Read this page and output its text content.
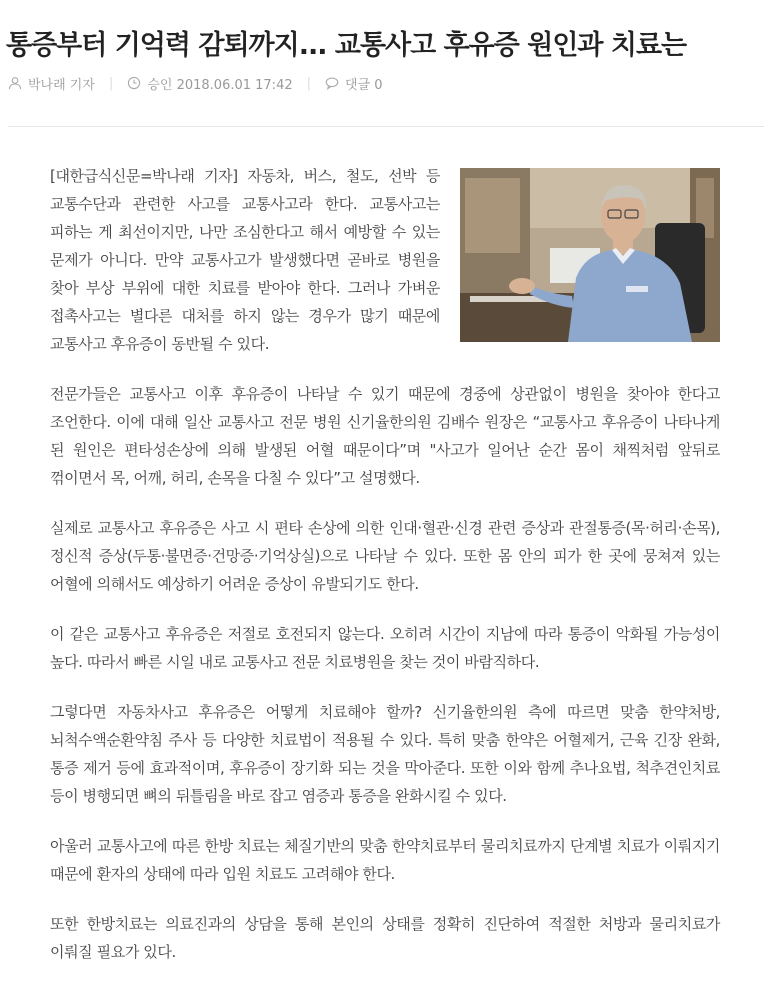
통증부터 기억력 감퇴까지... 교통사고 후유증 원인과 치료는
박나래 기자 |	승인 2018.06.01 17:42 |	댓글 0

[대한급식신문=박나래 기자] 자동차, 버스, 철도, 선박 등 교통수단과 관련한 사고를 교통사고라 한다. 교통사고는 피하는 게 최선이지만, 나만 조심한다고 해서 예방할 수 있는 문제가 아니다. 만약 교통사고가 발생했다면 곧바로 병원을 찾아 부상 부위에 대한 치료를 받아야 한다. 그러나 가벼운 접촉사고는 별다른 대처를 하지 않는 경우가 많기 때문에 교통사고 후유증이 동반될 수 있다.

전문가들은 교통사고 이후 후유증이 나타날 수 있기 때문에 경중에 상관없이 병원을 찾아야 한다고 조언한다. 이에 대해 일산 교통사고 전문 병원 신기율한의원 김배수 원장은 “교통사고 후유증이 나타나게 된 원인은 편타성손상에 의해 발생된 어혈 때문이다”며 "사고가 일어난 순간 몸이 채찍처럼 앞뒤로 꺾이면서 목, 어깨, 허리, 손목을 다칠 수 있다”고 설명했다.

실제로 교통사고 후유증은 사고 시 편타 손상에 의한 인대·혈관·신경 관련 증상과 관절통증(목·허리·손목), 정신적 증상(두통·불면증·건망증·기억상실)으로 나타날 수 있다. 또한 몸 안의 피가 한 곳에 뭉쳐져 있는 어혈에 의해서도 예상하기 어려운 증상이 유발되기도 한다.

이 같은 교통사고 후유증은 저절로 호전되지 않는다. 오히려 시간이 지남에 따라 통증이 악화될 가능성이 높다. 따라서 빠른 시일 내로 교통사고 전문 치료병원을 찾는 것이 바람직하다.

그렇다면 자동차사고 후유증은 어떻게 치료해야 할까? 신기율한의원 측에 따르면 맞춤 한약처방, 뇌척수액순환약침 주사 등 다양한 치료법이 적용될 수 있다. 특히 맞춤 한약은 어혈제거, 근육 긴장 완화, 통증 제거 등에 효과적이며, 후유증이 장기화 되는 것을 막아준다. 또한 이와 함께 추나요법, 척추견인치료 등이 병행되면 뼈의 뒤틀림을 바로 잡고 염증과 통증을 완화시킬 수 있다.

아울러 교통사고에 따른 한방 치료는 체질기반의 맞춤 한약치료부터 물리치료까지 단계별 치료가 이뤄지기 때문에 환자의 상태에 따라 입원 치료도 고려해야 한다.

또한 한방치료는 의료진과의 상담을 통해 본인의 상태를 정확히 진단하여 적절한 처방과 물리치료가 이뤄질 필요가 있다.
